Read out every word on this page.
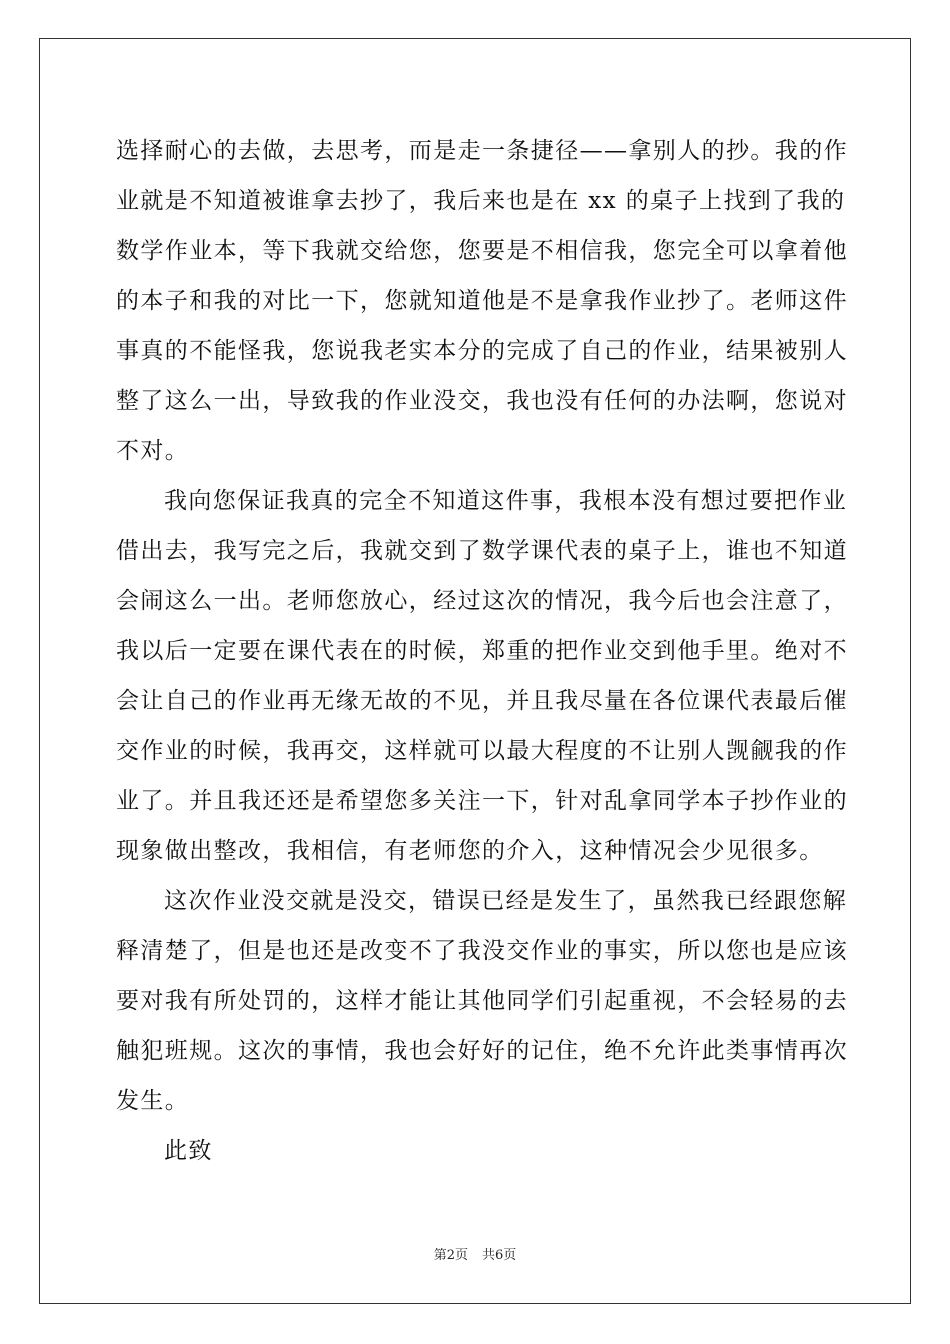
选择耐心的去做，去思考，而是走一条捷径——拿别人的抄。我的作
业就是不知道被谁拿去抄了，我后来也是在 xx 的桌子上找到了我的
数学作业本，等下我就交给您，您要是不相信我，您完全可以拿着他
的本子和我的对比一下，您就知道他是不是拿我作业抄了。老师这件
事真的不能怪我，您说我老实本分的完成了自己的作业，结果被别人
整了这么一出，导致我的作业没交，我也没有任何的办法啊，您说对
不对。
我向您保证我真的完全不知道这件事，我根本没有想过要把作业
借出去，我写完之后，我就交到了数学课代表的桌子上，谁也不知道
会闹这么一出。老师您放心，经过这次的情况，我今后也会注意了，
我以后一定要在课代表在的时候，郑重的把作业交到他手里。绝对不
会让自己的作业再无缘无故的不见，并且我尽量在各位课代表最后催
交作业的时候，我再交，这样就可以最大程度的不让别人觊觎我的作
业了。并且我还还是希望您多关注一下，针对乱拿同学本子抄作业的
现象做出整改，我相信，有老师您的介入，这种情况会少见很多。
这次作业没交就是没交，错误已经是发生了，虽然我已经跟您解
释清楚了，但是也还是改变不了我没交作业的事实，所以您也是应该
要对我有所处罚的，这样才能让其他同学们引起重视，不会轻易的去
触犯班规。这次的事情，我也会好好的记住，绝不允许此类事情再次
发生。
此致
第2页 共6页
